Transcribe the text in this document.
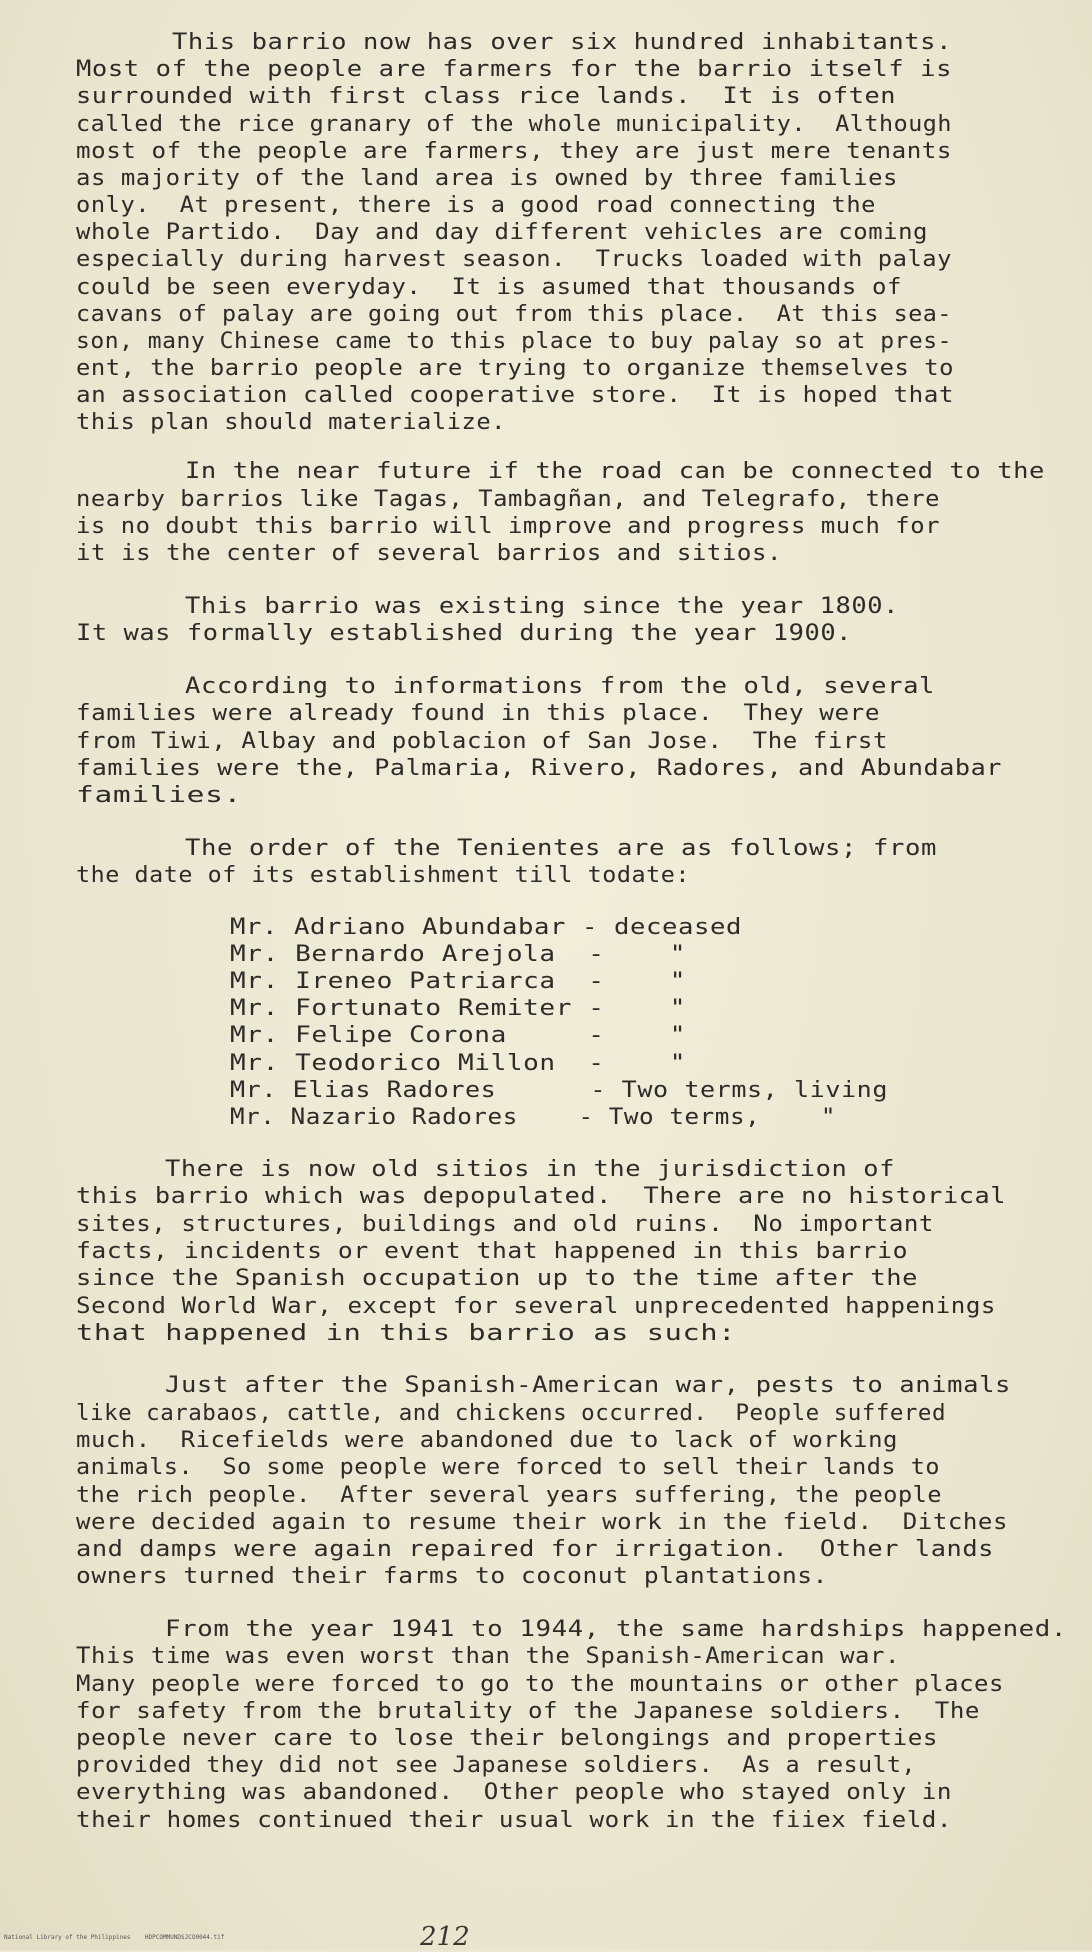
This barrio now has over six hundred inhabitants.
Most of the people are farmers for the barrio itself is
surrounded with first class rice lands.  It is often
called the rice granary of the whole municipality.  Although
most of the people are farmers, they are just mere tenants
as majority of the land area is owned by three families
only.  At present, there is a good road connecting the
whole Partido.  Day and day different vehicles are coming
especially during harvest season.  Trucks loaded with palay
could be seen everyday.  It is asumed that thousands of
cavans of palay are going out from this place.  At this sea-
son, many Chinese came to this place to buy palay so at pres-
ent, the barrio people are trying to organize themselves to
an association called cooperative store.  It is hoped that
this plan should materialize.
In the near future if the road can be connected to the
nearby barrios like Tagas, Tambagñan, and Telegrafo, there
is no doubt this barrio will improve and progress much for
it is the center of several barrios and sitios.
This barrio was existing since the year 1800.
It was formally established during the year 1900.
According to informations from the old, several
families were already found in this place.  They were
from Tiwi, Albay and poblacion of San Jose.  The first
families were the, Palmaria, Rivero, Radores, and Abundabar
families.
The order of the Tenientes are as follows; from
the date of its establishment till todate:
Mr. Adriano Abundabar - deceased
Mr. Bernardo Arejola  -    "
Mr. Ireneo Patriarca  -    "
Mr. Fortunato Remiter -    "
Mr. Felipe Corona     -    "
Mr. Teodorico Millon  -    "
Mr. Elias Radores      - Two terms, living
Mr. Nazario Radores    - Two terms,    "
There is now old sitios in the jurisdiction of
this barrio which was depopulated.  There are no historical
sites, structures, buildings and old ruins.  No important
facts, incidents or event that happened in this barrio
since the Spanish occupation up to the time after the
Second World War, except for several unprecedented happenings
that happened in this barrio as such:
Just after the Spanish-American war, pests to animals
like carabaos, cattle, and chickens occurred.  People suffered
much.  Ricefields were abandoned due to lack of working
animals.  So some people were forced to sell their lands to
the rich people.  After several years suffering, the people
were decided again to resume their work in the field.  Ditches
and damps were again repaired for irrigation.  Other lands
owners turned their farms to coconut plantations.
From the year 1941 to 1944, the same hardships happened.
This time was even worst than the Spanish-American war.
Many people were forced to go to the mountains or other places
for safety from the brutality of the Japanese soldiers.  The
people never care to lose their belongings and properties
provided they did not see Japanese soldiers.  As a result,
everything was abandoned.  Other people who stayed only in
their homes continued their usual work in the fiiex field.
National Library of the Philippines    HDPCOMMUNDSJCO0044.tif	212
